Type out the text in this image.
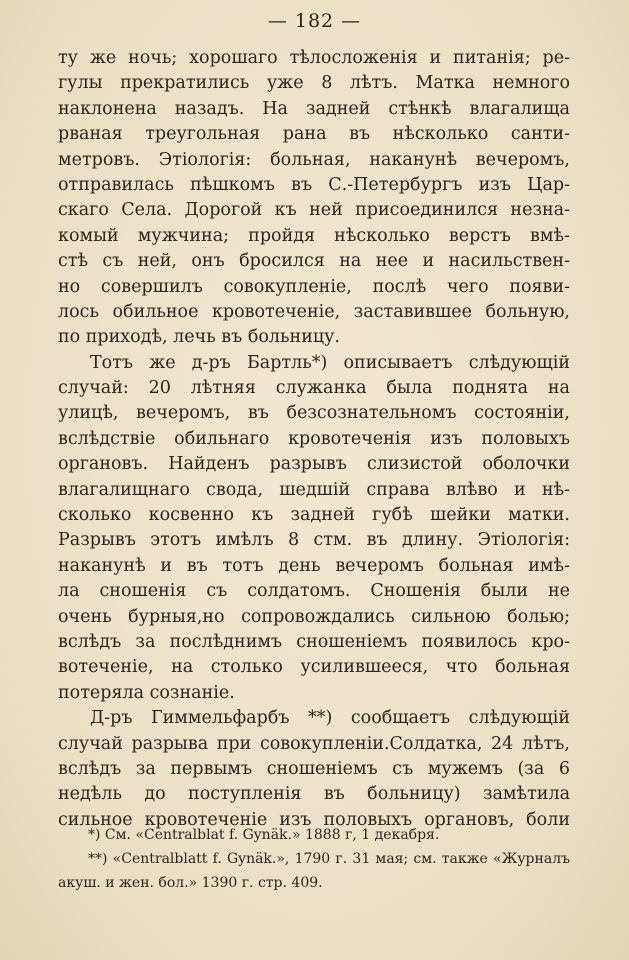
— 182 —
ту же ночь; хорошаго тѣлосложенія и питанія; ре-
гулы прекратились уже 8 лѣтъ. Матка немного
наклонена назадъ. На задней стѣнкѣ влагалища
рваная треугольная рана въ нѣсколько санти-
метровъ. Этіологія: больная, наканунѣ вечеромъ,
отправилась пѣшкомъ въ С.-Петербургъ изъ Цар-
скаго Села. Дорогой къ ней присоединился незна-
комый мужчина; пройдя нѣсколько верстъ вмѣ-
стѣ съ ней, онъ бросился на нее и насильствен-
но совершилъ совокупленіе, послѣ чего появи-
лось обильное кровотеченіе, заставившее больную,
по приходѣ, лечь въ больницу.
Тотъ же д-ръ Бартль*) описываетъ слѣдующій
случай: 20 лѣтняя служанка была поднята на
улицѣ, вечеромъ, въ безсознательномъ состояніи,
вслѣдствіе обильнаго кровотеченія изъ половыхъ
органовъ. Найденъ разрывъ слизистой оболочки
влагалищнаго свода, шедшій справа влѣво и нѣ-
сколько косвенно къ задней губѣ шейки матки.
Разрывъ этотъ имѣлъ 8 стм. въ длину. Этіологія:
наканунѣ и въ тотъ день вечеромъ больная имѣ-
ла сношенія съ солдатомъ. Сношенія были не
очень бурныя,но сопровождались сильною болью;
вслѣдъ за послѣднимъ сношеніемъ появилось кро-
вотеченіе, на столько усилившееся, что больная
потеряла сознаніе.
Д-ръ Гиммельфарбъ **) сообщаетъ слѣдующій
случай разрыва при совокупленіи.Солдатка, 24 лѣтъ,
вслѣдъ за первымъ сношеніемъ съ мужемъ (за 6
недѣль до поступленія въ больницу) замѣтила
сильное кровотеченіе изъ половыхъ органовъ, боли
*) См. «Centralblat f. Gynäk.» 1888 г, 1 декабря.
**) «Centralblatt f. Gynäk.», 1790 г. 31 мая; см. также «Журналъ
акуш. и жен. бол.» 1390 г. стр. 409.
